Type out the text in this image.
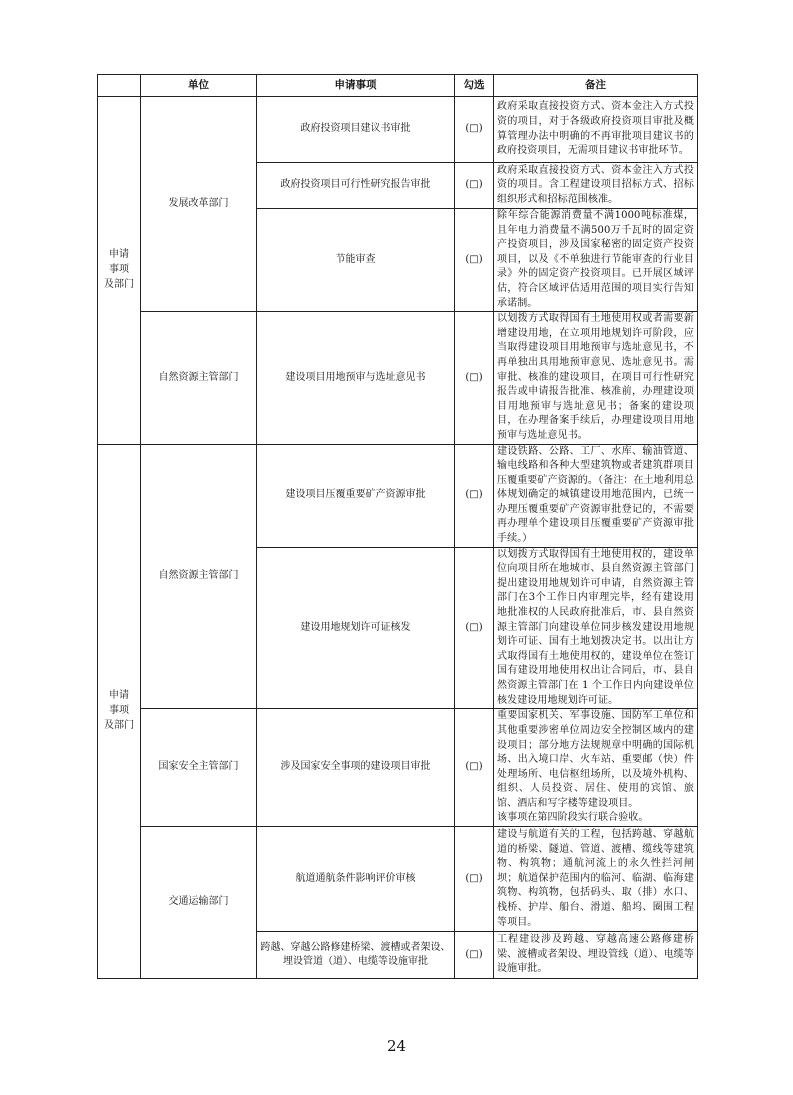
	单位	申请事项	勾选	备注
申请
事项
及部门	发展改革部门	政府投资项目建议书审批	(□)	政府采取直接投资方式、资本金注入方式投资的项目，对于各级政府投资项目审批及概算管理办法中明确的不再审批项目建议书的政府投资项目，无需项目建议书审批环节。
		政府投资项目可行性研究报告审批	(□)	政府采取直接投资方式、资本金注入方式投资的项目。含工程建设项目招标方式、招标组织形式和招标范围核准。
		节能审查	(□)	除年综合能源消费量不满1000吨标准煤，且年电力消费量不满500万千瓦时的固定资产投资项目，涉及国家秘密的固定资产投资项目，以及《不单独进行节能审查的行业目录》外的固定资产投资项目。已开展区域评估，符合区域评估适用范围的项目实行告知承诺制。
	自然资源主管部门	建设项目用地预审与选址意见书	(□)	以划拨方式取得国有土地使用权或者需要新增建设用地，在立项用地规划许可阶段，应当取得建设项目用地预审与选址意见书，不再单独出具用地预审意见、选址意见书。需审批、核准的建设项目，在项目可行性研究报告或申请报告批准、核准前，办理建设项目用地预审与选址意见书；备案的建设项目，在办理备案手续后，办理建设项目用地预审与选址意见书。
申请
事项
及部门	自然资源主管部门	建设项目压覆重要矿产资源审批	(□)	建设铁路、公路、工厂、水库、输油管道、输电线路和各种大型建筑物或者建筑群项目压覆重要矿产资源的。（备注：在土地利用总体规划确定的城镇建设用地范围内，已统一办理压覆重要矿产资源审批登记的，不需要再办理单个建设项目压覆重要矿产资源审批手续。）
		建设用地规划许可证核发	(□)	以划拨方式取得国有土地使用权的，建设单位向项目所在地城市、县自然资源主管部门提出建设用地规划许可申请，自然资源主管部门在3个工作日内审理完毕，经有建设用地批准权的人民政府批准后，市、县自然资源主管部门向建设单位同步核发建设用地规划许可证、国有土地划拨决定书。以出让方式取得国有土地使用权的，建设单位在签订国有建设用地使用权出让合同后，市、县自然资源主管部门在 1 个工作日内向建设单位核发建设用地规划许可证。
	国家安全主管部门	涉及国家安全事项的建设项目审批	(□)	重要国家机关、军事设施、国防军工单位和其他重要涉密单位周边安全控制区域内的建设项目；部分地方法规规章中明确的国际机场、出入境口岸、火车站、重要邮（快）件处理场所、电信枢纽场所，以及境外机构、组织、人员投资、居住、使用的宾馆、旅馆、酒店和写字楼等建设项目。
该事项在第四阶段实行联合验收。
	交通运输部门	航道通航条件影响评价审核	(□)	建设与航道有关的工程，包括跨越、穿越航道的桥梁、隧道、管道、渡槽、缆线等建筑物、构筑物；通航河流上的永久性拦河闸坝；航道保护范围内的临河、临湖、临海建筑物、构筑物，包括码头、取（排）水口、栈桥、护岸、船台、滑道、船坞、圈围工程等项目。
		跨越、穿越公路修建桥梁、渡槽或者架设、埋设管道（道）、电缆等设施审批	(□)	工程建设涉及跨越、穿越高速公路修建桥梁、渡槽或者架设、埋设管线（道）、电缆等设施审批。
24
